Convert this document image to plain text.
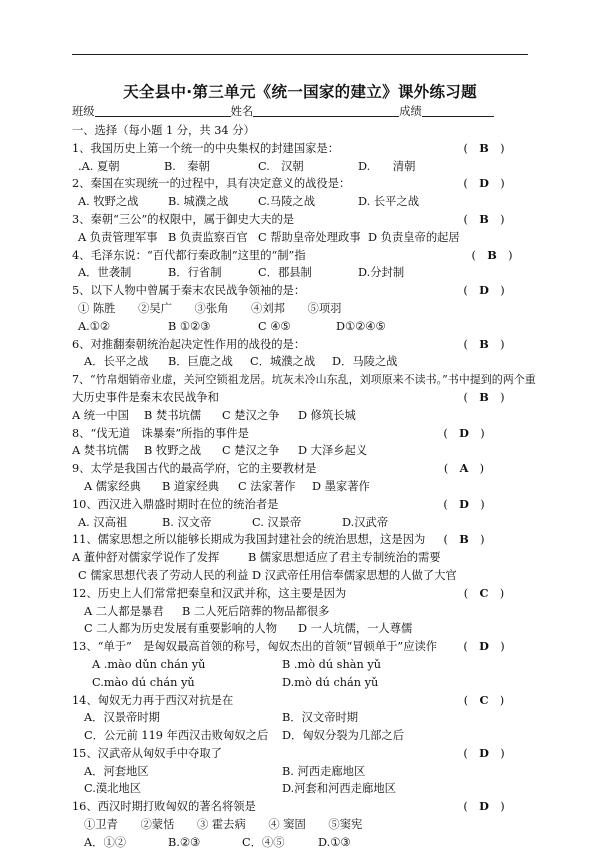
天全县中·第三单元《统一国家的建立》课外练习题
班级	姓名	成绩
一、选择（每小题 1 分，共 34 分）
1、我国历史上第一个统一的中央集权的封建国家是：	(　B　)
.A. 夏朝	B.　秦朝	C.　汉朝	D.　　清朝
2、秦国在实现统一的过程中，具有决定意义的战役是：	(　D　)
A. 牧野之战	B. 城濮之战	C.马陵之战	D. 长平之战
3、秦朝“三公”的权限中，属于御史大夫的是	(　B　)
A 负责管理军事 B 负责监察百官 C 帮助皇帝处理政事 D 负责皇帝的起居
4、毛泽东说：“百代都行秦政制”这里的“制”指	(　B　)
A．世袭制	B．行省制	C．郡县制	D.分封制
5、以下人物中曾属于秦末农民战争领袖的是：	(　D　)
① 陈胜　　②吴广　　③张角　　④刘邦　　⑤项羽
A.①②	B ①②③	C ④⑤	D①②④⑤
6、对推翻秦朝统治起决定性作用的战役的是：	(　B　)
A．长平之战 B．巨鹿之战 C．城濮之战 D．马陵之战
7、“竹帛烟销帝业虚，关河空锁祖龙居。坑灰未冷山东乱，刘项原来不读书。”书中提到的两个重
大历史事件是秦末农民战争和	(　B　)
A 统一中国 B 焚书坑儒 C 楚汉之争 D 修筑长城
8、“伐无道　诛暴秦”所指的事件是	(　D　)
A 焚书坑儒 B 牧野之战 C 楚汉之争 D 大泽乡起义
9、太学是我国古代的最高学府，它的主要教材是	(　A　)
A 儒家经典 B 道家经典 C 法家著作 D 墨家著作
10、西汉进入鼎盛时期时在位的统治者是	(　D　)
A. 汉高祖	B. 汉文帝	C. 汉景帝	D.汉武帝
11、儒家思想之所以能够长期成为我国封建社会的统治思想，这是因为	(　B　)
A 董仲舒对儒家学说作了发挥	B 儒家思想适应了君主专制统治的需要
C 儒家思想代表了劳动人民的利益 D 汉武帝任用信奉儒家思想的人做了大官
12、历史上人们常常把秦皇和汉武并称，这主要是因为	(　C　)
A 二人都是暴君 B 二人死后陪葬的物品都很多
C 二人都为历史发展有重要影响的人物 D 一人坑儒，一人尊儒
13、“单于”　是匈奴最高首领的称号，匈奴杰出的首领“冒顿单于”应读作 (　D　)
A .mào dǔn chán yǔ	B .mò dú shàn yǔ
C.mào dú chán yǔ	D.mò dú chán yǔ
14、匈奴无力再于西汉对抗是在	(　C　)
A．汉景帝时期	B．汉文帝时期
C．公元前 119 年西汉击败匈奴之后 D．匈奴分裂为几部之后
15、汉武帝从匈奴手中夺取了	(　D　)
A．河套地区	B. 河西走廊地区
C.漠北地区	D.河套和河西走廊地区
16、西汉时期打败匈奴的著名将领是	(　D　)
①卫青　　②蒙恬　　③ 霍去病　　④ 窦固　　⑤窦宪
A．①②	B.②③	C．④⑤	D.①③
